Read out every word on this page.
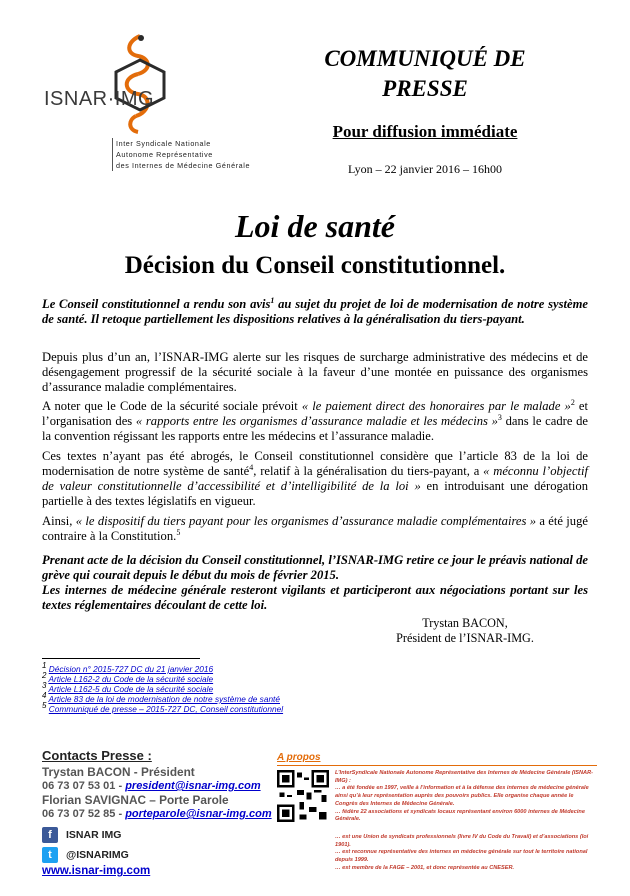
ISNAR·IMG
Inter Syndicale Nationale
Autonome Représentative
des Internes de Médecine Générale
COMMUNIQUÉ DE PRESSE
Pour diffusion immédiate
Lyon – 22 janvier 2016 – 16h00
Loi de santé
Décision du Conseil constitutionnel.
Le Conseil constitutionnel a rendu son avis$^1$ au sujet du projet de loi de modernisation de notre système de santé. Il retoque partiellement les dispositions relatives à la généralisation du tiers-payant.
Depuis plus d’un an, l’ISNAR-IMG alerte sur les risques de surcharge administrative des médecins et de désengagement progressif de la sécurité sociale à la faveur d’une montée en puissance des organismes d’assurance maladie complémentaires.
A noter que le Code de la sécurité sociale prévoit « le paiement direct des honoraires par le malade »$^2$ et l’organisation des « rapports entre les organismes d’assurance maladie et les médecins »$^3$ dans le cadre de la convention régissant les rapports entre les médecins et l’assurance maladie.
Ces textes n’ayant pas été abrogés, le Conseil constitutionnel considère que l’article 83 de la loi de modernisation de notre système de santé$^4$, relatif à la généralisation du tiers-payant, a « méconnu l’objectif de valeur constitutionnelle d’accessibilité et d’intelligibilité de la loi » en introduisant une dérogation partielle à des textes législatifs en vigueur.
Ainsi, « le dispositif du tiers payant pour les organismes d’assurance maladie complémentaires » a été jugé contraire à la Constitution.$^5$
Prenant acte de la décision du Conseil constitutionnel, l’ISNAR-IMG retire ce jour le préavis national de grève qui courait depuis le début du mois de février 2015.
Les internes de médecine générale resteront vigilants et participeront aux négociations portant sur les textes réglementaires découlant de cette loi.
Trystan BACON,
Président de l’ISNAR-IMG.
$^1$ Décision n° 2015-727 DC du 21 janvier 2016
$^2$ Article L162-2 du Code de la sécurité sociale
$^3$ Article L162-5 du Code de la sécurité sociale
$^4$ Article 83 de la loi de modernisation de notre système de santé
$^5$ Communiqué de presse – 2015-727 DC, Conseil constitutionnel
Contacts Presse :
Trystan BACON - Président
06 73 07 53 01 - president@isnar-img.com
Florian SAVIGNAC – Porte Parole
06 73 07 52 85 - porteparole@isnar-img.com
f	ISNAR IMG
t	@ISNARIMG
www.isnar-img.com
A propos
L’InterSyndicale Nationale Autonome Représentative des Internes de Médecine Générale (ISNAR-IMG) :
… a été fondée en 1997, veille à l’information et à la défense des internes de médecine générale ainsi qu’à leur représentation auprès des pouvoirs publics. Elle organise chaque année le Congrès des Internes de Médecine Générale.
… fédère 22 associations et syndicats locaux représentant environ 6000 internes de Médecine Générale.
… est une Union de syndicats professionnels (livre IV du Code du Travail) et d’associations (loi 1901).
… est reconnue représentative des internes en médecine générale sur tout le territoire national depuis 1999.
… est membre de la FAGE – 2001, et donc représentée au CNESER.
